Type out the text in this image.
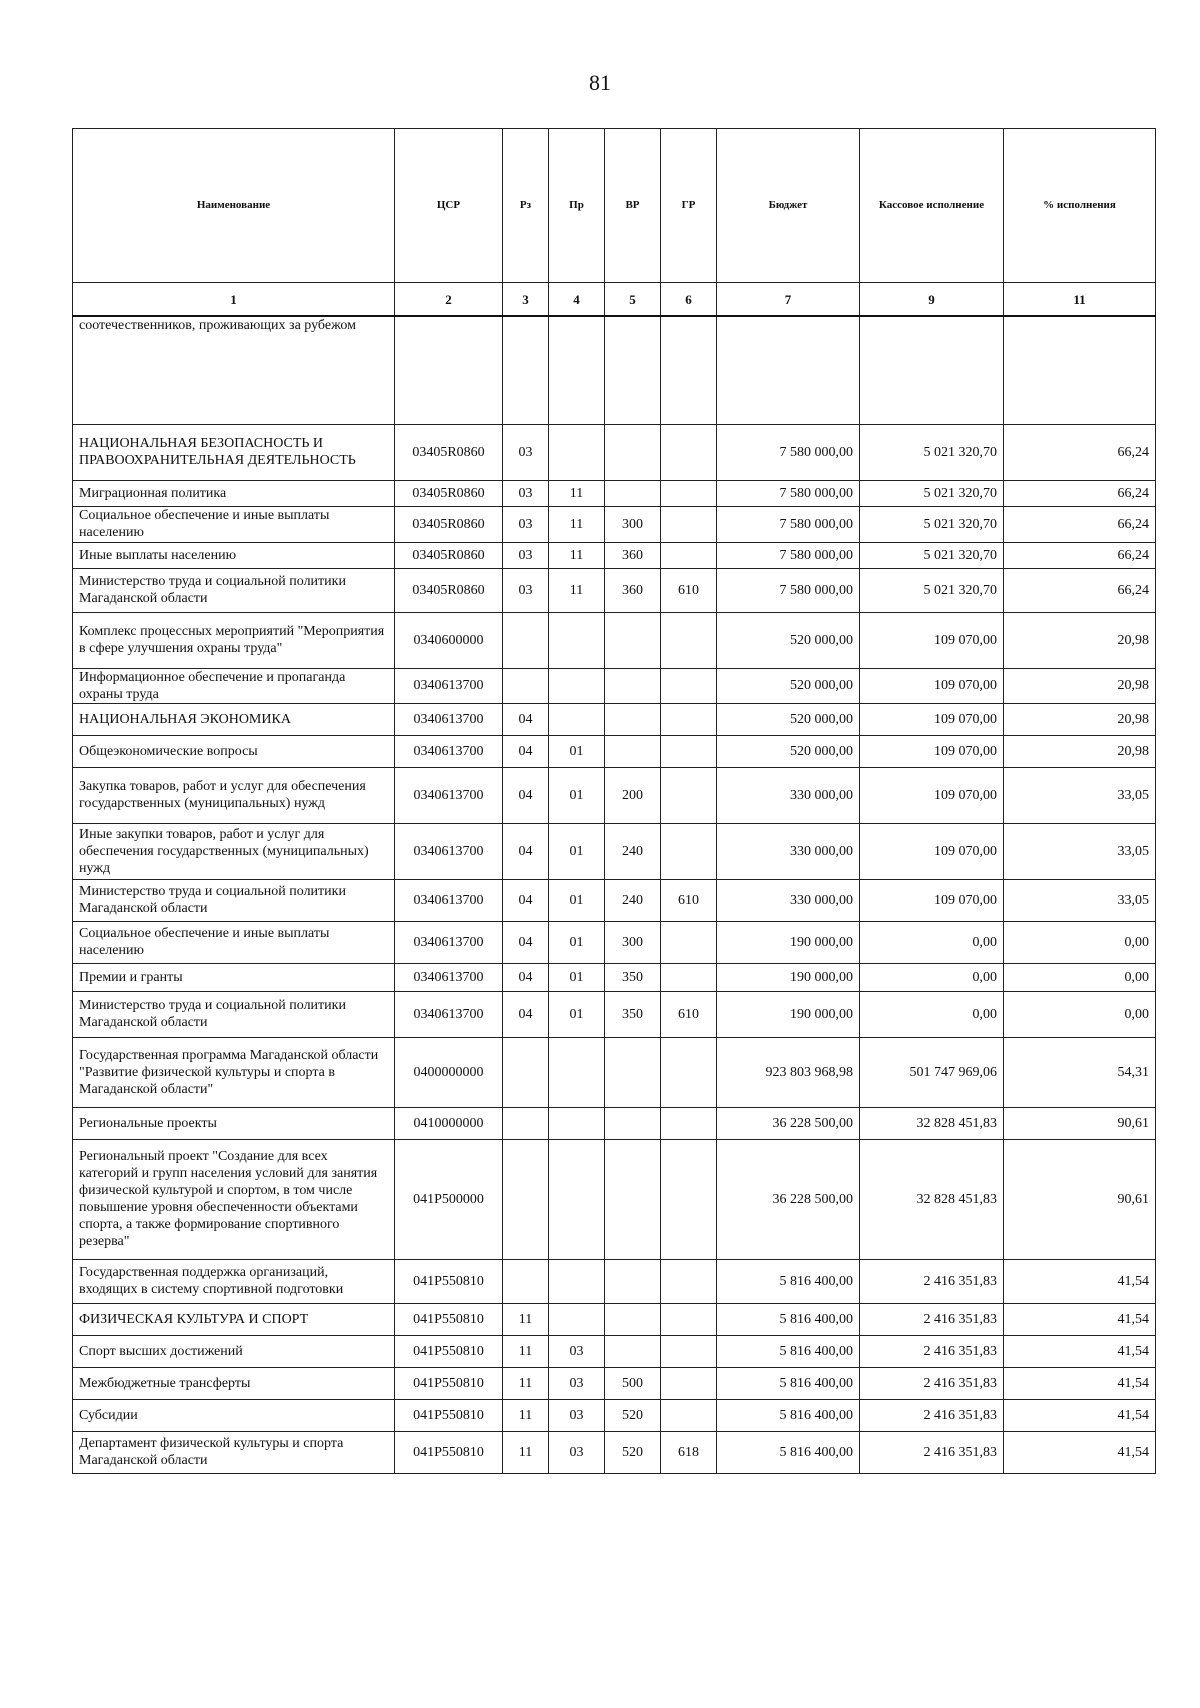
81
Наименование	ЦСР	Рз	Пр	ВР	ГР	Бюджет	Кассовое исполнение	% исполнения
1	2	3	4	5	6	7	9	11
соотечественников, проживающих за рубежом								
НАЦИОНАЛЬНАЯ БЕЗОПАСНОСТЬ И ПРАВООХРАНИТЕЛЬНАЯ ДЕЯТЕЛЬНОСТЬ	03405R0860	03				7 580 000,00	5 021 320,70	66,24
Миграционная политика	03405R0860	03	11			7 580 000,00	5 021 320,70	66,24
Социальное обеспечение и иные выплаты населению	03405R0860	03	11	300		7 580 000,00	5 021 320,70	66,24
Иные выплаты населению	03405R0860	03	11	360		7 580 000,00	5 021 320,70	66,24
Министерство труда и социальной политики Магаданской области	03405R0860	03	11	360	610	7 580 000,00	5 021 320,70	66,24
Комплекс процессных мероприятий "Мероприятия в сфере улучшения охраны труда"	0340600000					520 000,00	109 070,00	20,98
Информационное обеспечение и пропаганда охраны труда	0340613700					520 000,00	109 070,00	20,98
НАЦИОНАЛЬНАЯ ЭКОНОМИКА	0340613700	04				520 000,00	109 070,00	20,98
Общеэкономические вопросы	0340613700	04	01			520 000,00	109 070,00	20,98
Закупка товаров, работ и услуг для обеспечения государственных (муниципальных) нужд	0340613700	04	01	200		330 000,00	109 070,00	33,05
Иные закупки товаров, работ и услуг для обеспечения государственных (муниципальных) нужд	0340613700	04	01	240		330 000,00	109 070,00	33,05
Министерство труда и социальной политики Магаданской области	0340613700	04	01	240	610	330 000,00	109 070,00	33,05
Социальное обеспечение и иные выплаты населению	0340613700	04	01	300		190 000,00	0,00	0,00
Премии и гранты	0340613700	04	01	350		190 000,00	0,00	0,00
Министерство труда и социальной политики Магаданской области	0340613700	04	01	350	610	190 000,00	0,00	0,00
Государственная программа Магаданской области "Развитие физической культуры и спорта в Магаданской области"	0400000000					923 803 968,98	501 747 969,06	54,31
Региональные проекты	0410000000					36 228 500,00	32 828 451,83	90,61
Региональный проект "Создание для всех категорий и групп населения условий для занятия физической культурой и спортом, в том числе повышение уровня обеспеченности объектами спорта, а также формирование спортивного резерва"	041P500000					36 228 500,00	32 828 451,83	90,61
Государственная поддержка организаций, входящих в систему спортивной подготовки	041P550810					5 816 400,00	2 416 351,83	41,54
ФИЗИЧЕСКАЯ КУЛЬТУРА И СПОРТ	041P550810	11				5 816 400,00	2 416 351,83	41,54
Спорт высших достижений	041P550810	11	03			5 816 400,00	2 416 351,83	41,54
Межбюджетные трансферты	041P550810	11	03	500		5 816 400,00	2 416 351,83	41,54
Субсидии	041P550810	11	03	520		5 816 400,00	2 416 351,83	41,54
Департамент физической культуры и спорта Магаданской области	041P550810	11	03	520	618	5 816 400,00	2 416 351,83	41,54
